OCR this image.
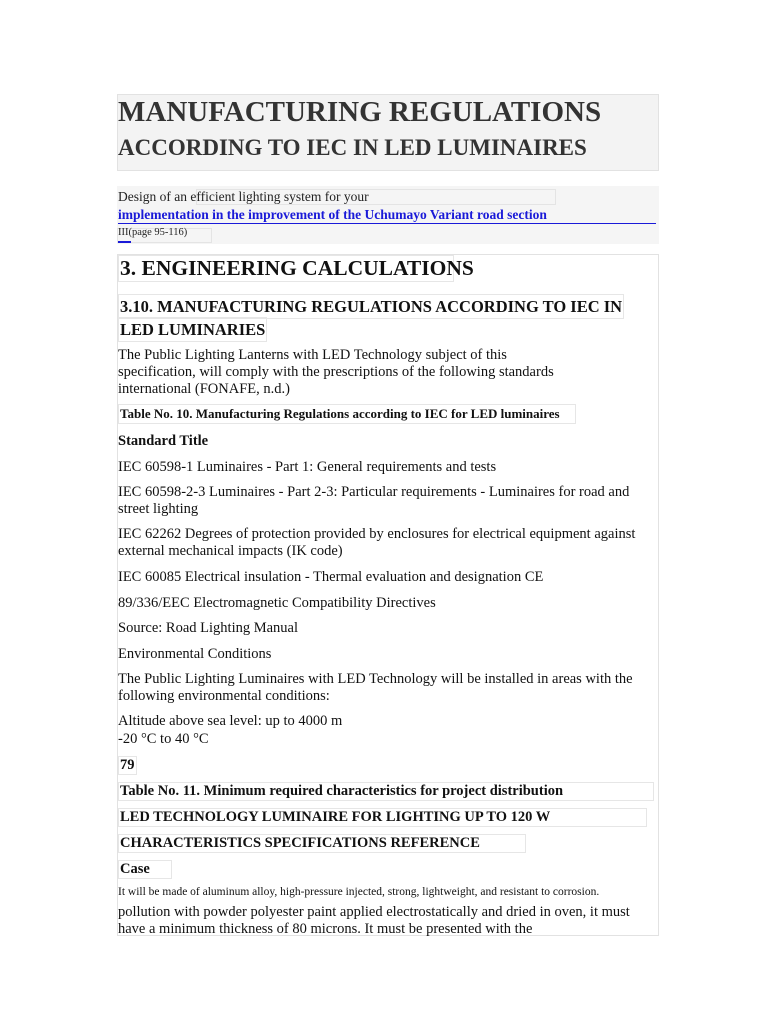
MANUFACTURING REGULATIONS
ACCORDING TO IEC IN LED LUMINAIRES
Design of an efficient lighting system for your
implementation in the improvement of the Uchumayo Variant road section
III(page 95-116)
3. ENGINEERING CALCULATIONS
3.10. MANUFACTURING REGULATIONS ACCORDING TO IEC IN
LED LUMINARIES
The Public Lighting Lanterns with LED Technology subject of this specification, will comply with the prescriptions of the following standards international (FONAFE, n.d.)
Table No. 10. Manufacturing Regulations according to IEC for LED luminaires
Standard Title
IEC 60598-1 Luminaires - Part 1: General requirements and tests
IEC 60598-2-3 Luminaires - Part 2-3: Particular requirements - Luminaires for road and street lighting
IEC 62262 Degrees of protection provided by enclosures for electrical equipment against external mechanical impacts (IK code)
IEC 60085 Electrical insulation - Thermal evaluation and designation CE
89/336/EEC Electromagnetic Compatibility Directives
Source: Road Lighting Manual
Environmental Conditions
The Public Lighting Luminaires with LED Technology will be installed in areas with the following environmental conditions:
Altitude above sea level: up to 4000 m
-20 °C to 40 °C
79
Table No. 11. Minimum required characteristics for project distribution
LED TECHNOLOGY LUMINAIRE FOR LIGHTING UP TO 120 W
CHARACTERISTICS SPECIFICATIONS REFERENCE
Case
It will be made of aluminum alloy, high-pressure injected, strong, lightweight, and resistant to corrosion.
pollution with powder polyester paint applied electrostatically and dried in oven, it must have a minimum thickness of 80 microns. It must be presented with the
